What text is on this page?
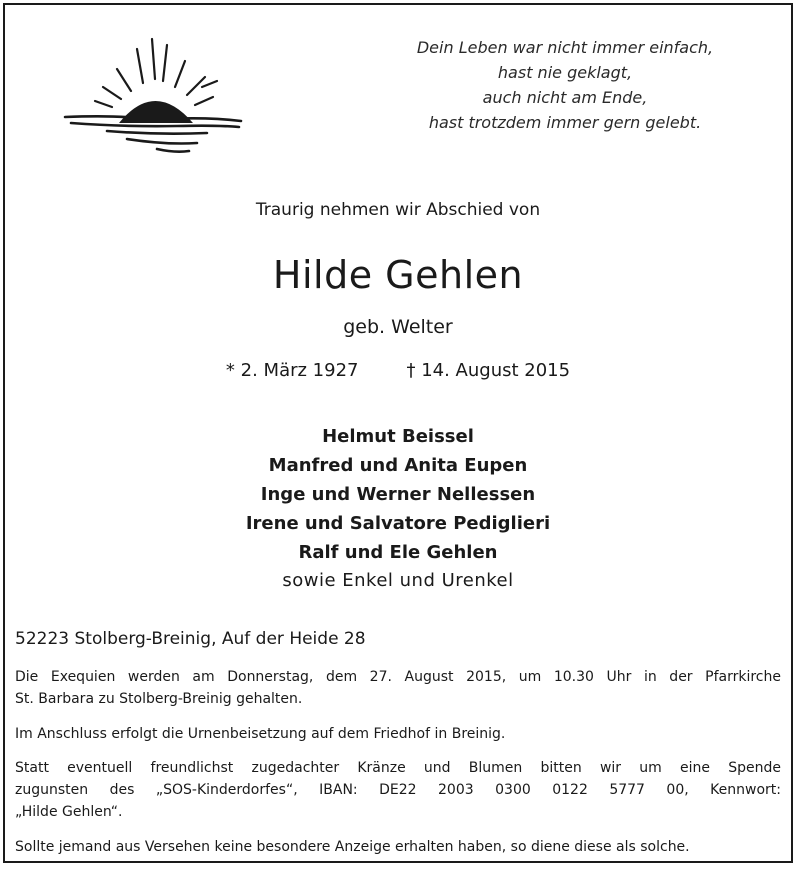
Dein Leben war nicht immer einfach,
hast nie geklagt,
auch nicht am Ende,
hast trotzdem immer gern gelebt.
Traurig nehmen wir Abschied von
Hilde Gehlen
geb. Welter
* 2. März 1927	† 14. August 2015
Helmut Beissel
Manfred und Anita Eupen
Inge und Werner Nellessen
Irene und Salvatore Pediglieri
Ralf und Ele Gehlen
sowie Enkel und Urenkel
52223 Stolberg-Breinig, Auf der Heide 28
Die Exequien werden am Donnerstag, dem 27. August 2015, um 10.30 Uhr in der Pfarrkirche
St. Barbara zu Stolberg-Breinig gehalten.
Im Anschluss erfolgt die Urnenbeisetzung auf dem Friedhof in Breinig.
Statt eventuell freundlichst zugedachter Kränze und Blumen bitten wir um eine Spende
zugunsten des „SOS-Kinderdorfes“, IBAN: DE22 2003 0300 0122 5777 00, Kennwort:
„Hilde Gehlen“.
Sollte jemand aus Versehen keine besondere Anzeige erhalten haben, so diene diese als solche.
